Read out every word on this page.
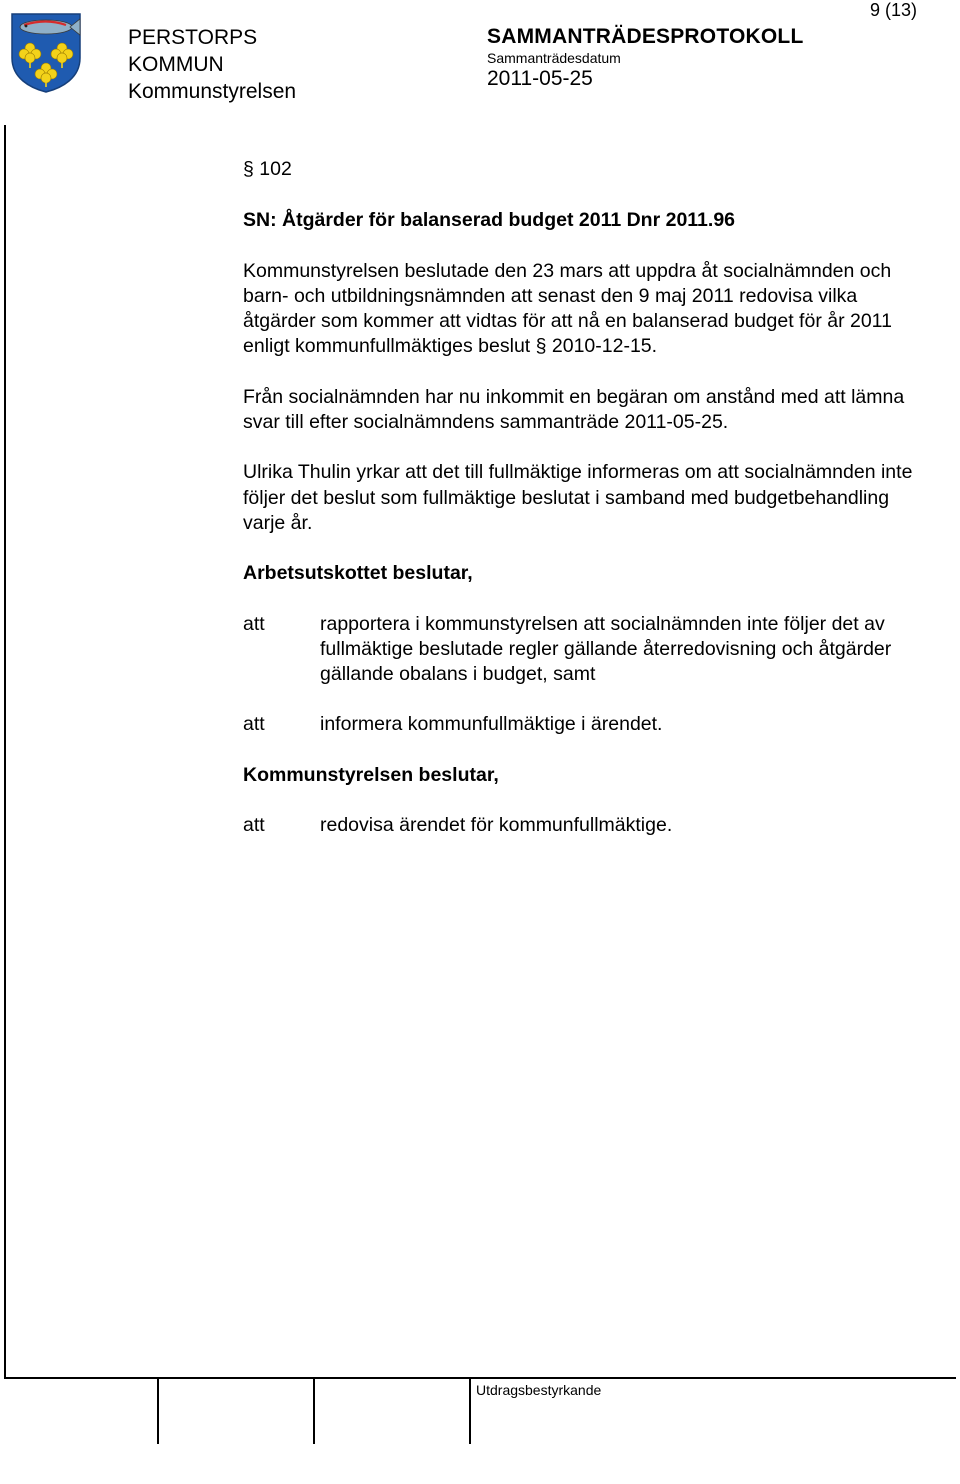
9 (13)
PERSTORPS
KOMMUN
Kommunstyrelsen
SAMMANTRÄDESPROTOKOLL
Sammanträdesdatum
2011-05-25

§ 102

SN: Åtgärder för balanserad budget 2011 Dnr 2011.96

Kommunstyrelsen beslutade den 23 mars att uppdra åt socialnämnden och barn- och utbildningsnämnden att senast den 9 maj 2011 redovisa vilka åtgärder som kommer att vidtas för att nå en balanserad budget för år 2011 enligt kommunfullmäktiges beslut § 2010-12-15.

Från socialnämnden har nu inkommit en begäran om anstånd med att lämna svar till efter socialnämndens sammanträde 2011-05-25.

Ulrika Thulin yrkar att det till fullmäktige informeras om att socialnämnden inte följer det beslut som fullmäktige beslutat i samband med budgetbehandling varje år.

Arbetsutskottet beslutar,

att	rapportera i kommunstyrelsen att socialnämnden inte följer det av fullmäktige beslutade regler gällande återredovisning och åtgärder gällande obalans i budget, samt
att	informera kommunfullmäktige i ärendet.

Kommunstyrelsen beslutar,

att	redovisa ärendet för kommunfullmäktige.
Utdragsbestyrkande
